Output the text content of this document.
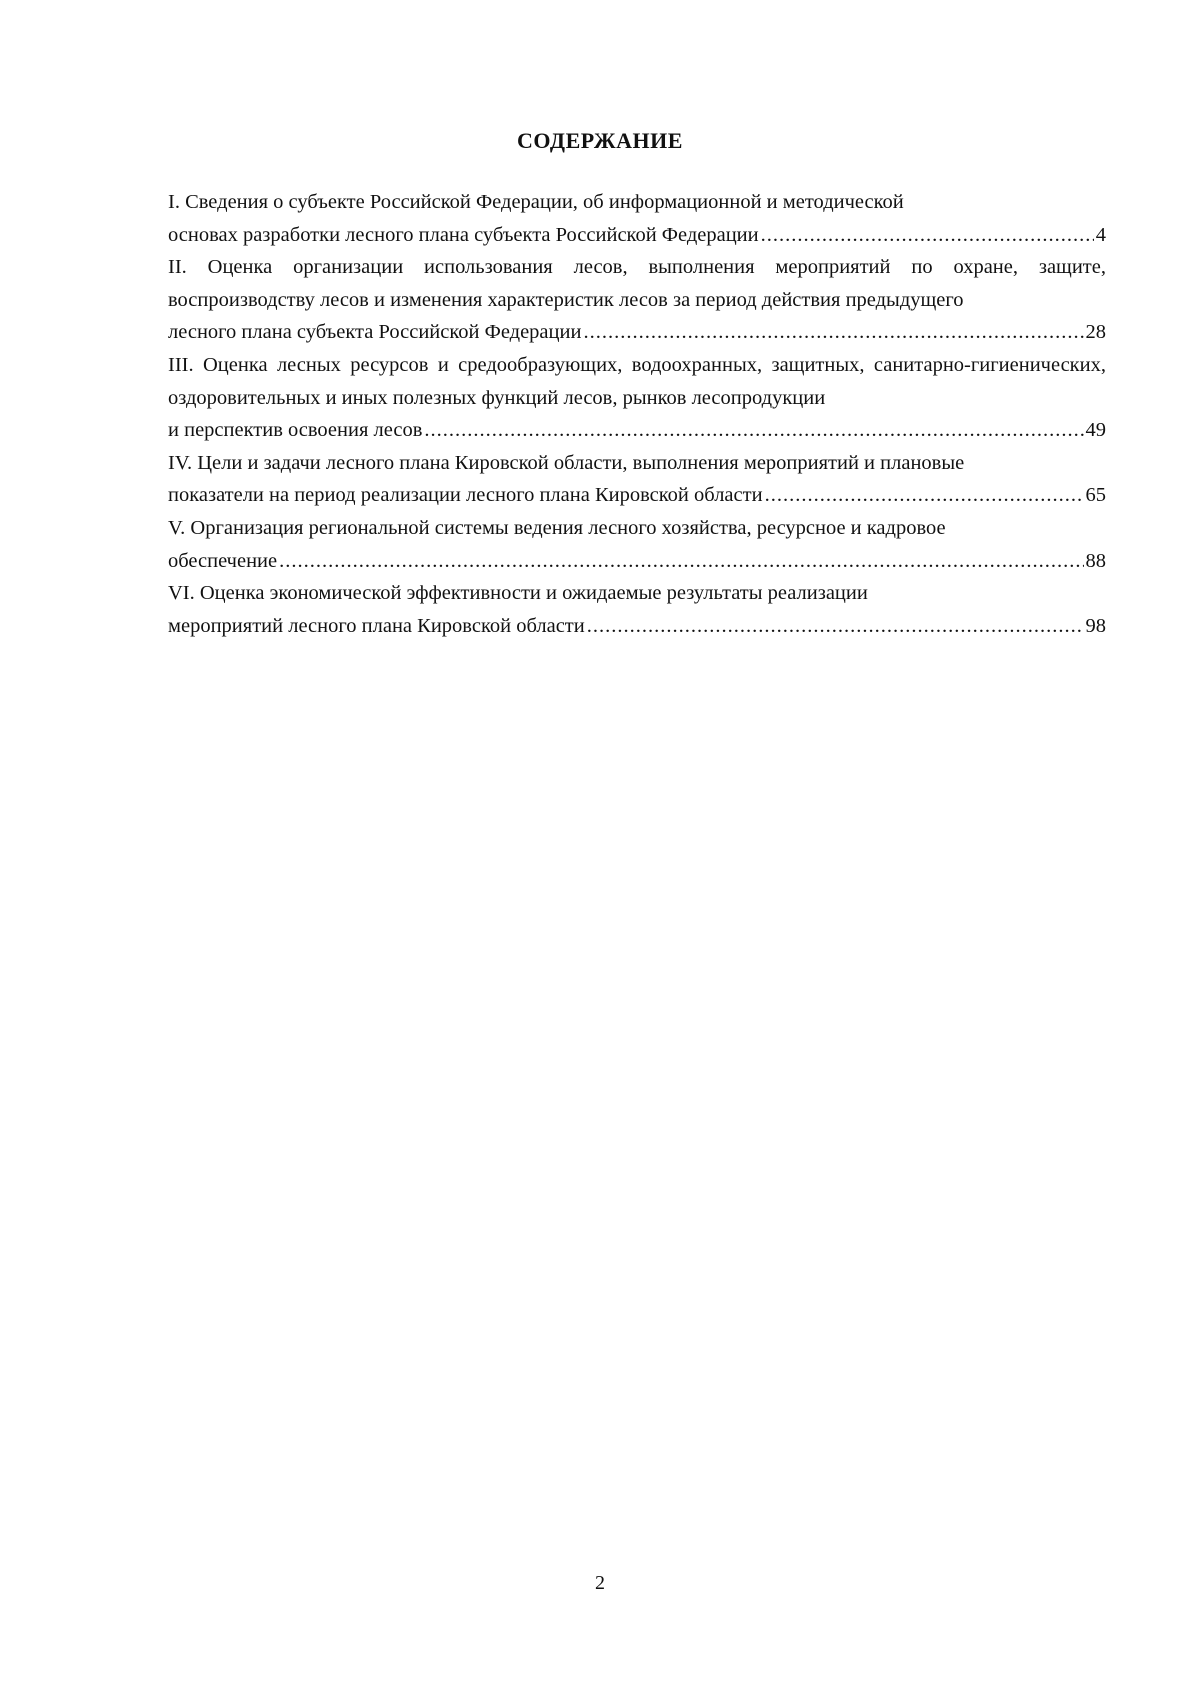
СОДЕРЖАНИЕ
I. Сведения о субъекте Российской Федерации, об информационной и методической
основах разработки лесного плана субъекта Российской Федерации .....	4
II. Оценка организации использования лесов, выполнения мероприятий по охране, защите, воспроизводству лесов и изменения характеристик лесов за период действия предыдущего
лесного плана субъекта Российской Федерации .....	28
III. Оценка лесных ресурсов и средообразующих, водоохранных, защитных, санитарно-гигиенических, оздоровительных и иных полезных функций лесов, рынков лесопродукции
и перспектив освоения лесов .....	49
IV. Цели и задачи лесного плана Кировской области, выполнения мероприятий и плановые
показатели на период реализации лесного плана Кировской области .....	65
V. Организация региональной системы ведения лесного хозяйства, ресурсное и кадровое
обеспечение .....	88
VI. Оценка экономической эффективности и ожидаемые результаты реализации
мероприятий лесного плана Кировской области .....	98

2
